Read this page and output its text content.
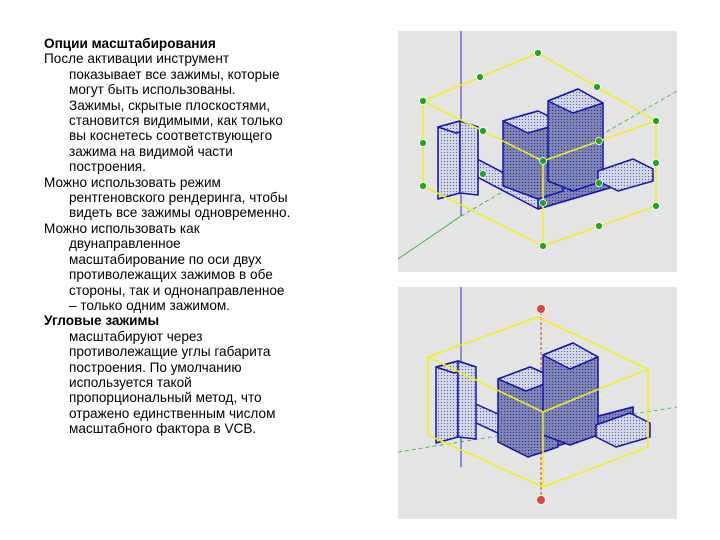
Опции масштабирования
После активации инструмент
показывает все зажимы, которые
могут быть использованы.
Зажимы, скрытые плоскостями,
становится видимыми, как только
вы коснетесь соответствующего
зажима на видимой части
построения.
Можно использовать режим
рентгеновского рендеринга, чтобы
видеть все зажимы одновременно.
Можно использовать как
двунаправленное
масштабирование по оси двух
противолежащих зажимов в обе
стороны, так и однонаправленное
– только одним зажимом.
Угловые зажимы
масштабируют через
противолежащие углы габарита
построения. По умолчанию
используется такой
пропорциональный метод, что
отражено единственным числом
масштабного фактора в VCB.
